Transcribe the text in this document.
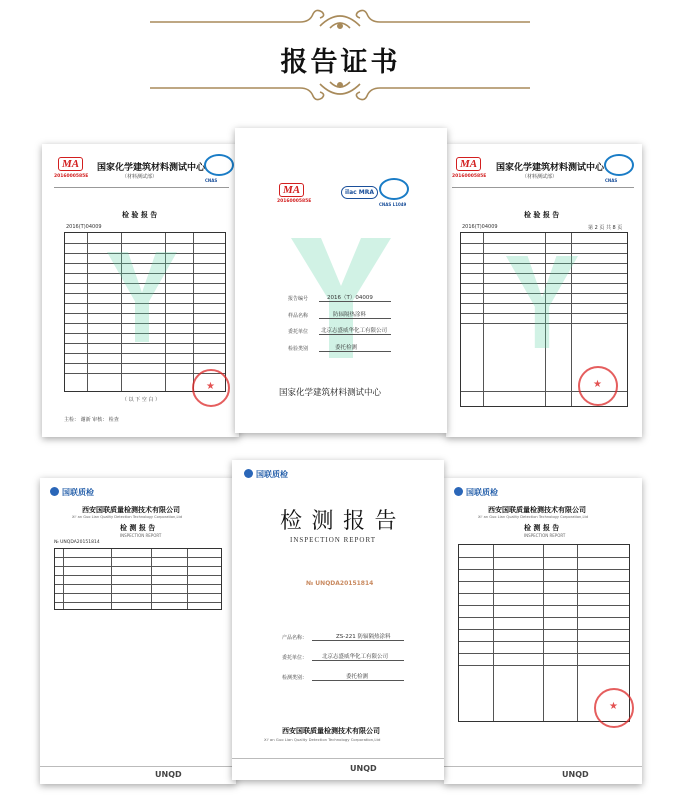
报告证书
MA
2016000585E
国家化学建筑材料测试中心
（材料测试部）
CNAS
检 验 报 告
2016(T)04009
（ 以 下 空 白 ）
★
主检： 谢新 审核： 检查
MA
2016000585E
ilac MRA
CNAS L1049
报告编号	2016（T）04009
样品名称	防辐隔热涂料
委托单位 北京志盛威华化工有限公司
检验类别	委托检测
国家化学建筑材料测试中心
MA
2016000585E
国家化学建筑材料测试中心
（材料测试部）
CNAS
检 验 报 告
2016(T)04009	第 2 页 共 8 页
★
国联质检
西安国联质量检测技术有限公司
Xi' an Guo Lian Quality Detection Technology Corporation,Ltd
检 测 报 告
INSPECTION REPORT
№ UNQDA20151814
UNQD
国联质检
检 测 报 告
INSPECTION REPORT
№ UNQDA20151814
产品名称：	ZS-221 防辐隔热涂料
委托单位：	北京志盛威华化工有限公司
检测类别：	委托检测
西安国联质量检测技术有限公司
Xi' an Guo Lian Quality Detection Technology Corporation,Ltd
UNQD
国联质检
西安国联质量检测技术有限公司
Xi' an Guo Lian Quality Detection Technology Corporation,Ltd
检 测 报 告
INSPECTION REPORT
★
UNQD
